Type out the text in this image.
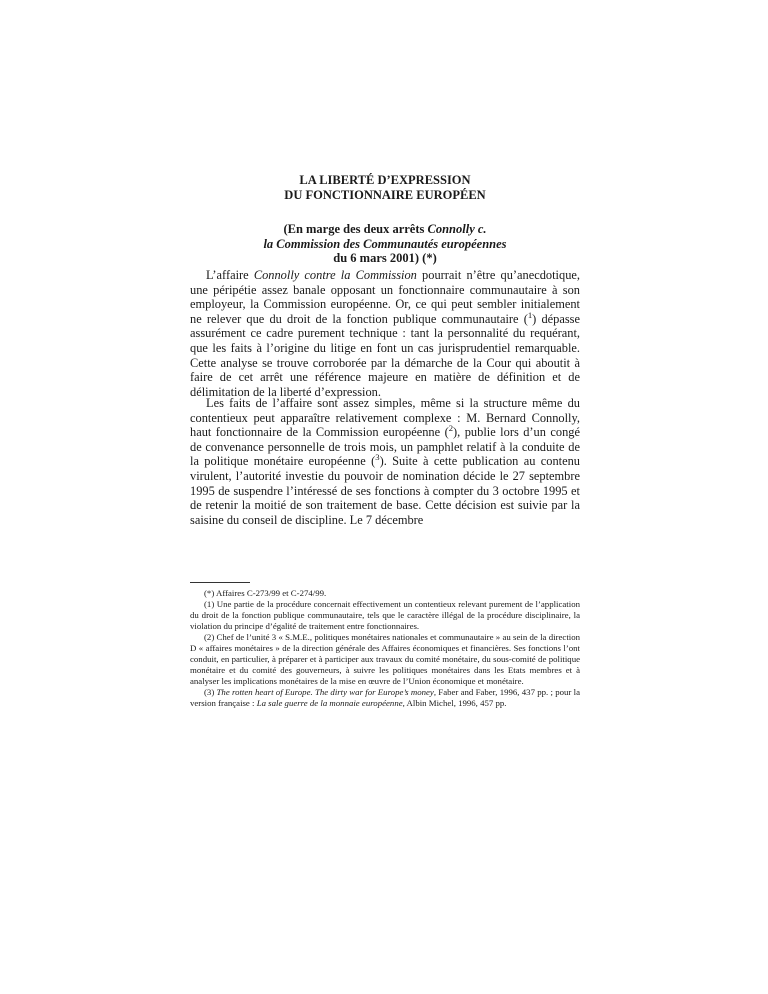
LA LIBERTÉ D’EXPRESSION
DU FONCTIONNAIRE EUROPÉEN
(En marge des deux arrêts Connolly c.
la Commission des Communautés européennes
du 6 mars 2001) (*)

L’affaire Connolly contre la Commission pourrait n’être qu’anecdotique, une péripétie assez banale opposant un fonctionnaire communautaire à son employeur, la Commission européenne. Or, ce qui peut sembler initialement ne relever que du droit de la fonction publique communautaire ($^1$) dépasse assurément ce cadre purement technique : tant la personnalité du requérant, que les faits à l’origine du litige en font un cas jurisprudentiel remarquable. Cette analyse se trouve corroborée par la démarche de la Cour qui aboutit à faire de cet arrêt une référence majeure en matière de définition et de délimitation de la liberté d’expression.

Les faits de l’affaire sont assez simples, même si la structure même du contentieux peut apparaître relativement complexe : M. Bernard Connolly, haut fonctionnaire de la Commission européenne ($^2$), publie lors d’un congé de convenance personnelle de trois mois, un pamphlet relatif à la conduite de la politique monétaire européenne ($^3$). Suite à cette publication au contenu virulent, l’autorité investie du pouvoir de nomination décide le 27 septembre 1995 de suspendre l’intéressé de ses fonctions à compter du 3 octobre 1995 et de retenir la moitié de son traitement de base. Cette décision est suivie par la saisine du conseil de discipline. Le 7 décembre

(*) Affaires C-273/99 et C-274/99.

(1) Une partie de la procédure concernait effectivement un contentieux relevant purement de l’application du droit de la fonction publique communautaire, tels que le caractère illégal de la procédure disciplinaire, la violation du principe d’égalité de traitement entre fonctionnaires.

(2) Chef de l’unité 3 « S.M.E., politiques monétaires nationales et communautaire » au sein de la direction D « affaires monétaires » de la direction générale des Affaires économiques et financières. Ses fonctions l’ont conduit, en particulier, à préparer et à participer aux travaux du comité monétaire, du sous-comité de politique monétaire et du comité des gouverneurs, à suivre les politiques monétaires dans les Etats membres et à analyser les implications monétaires de la mise en œuvre de l’Union économique et monétaire.

(3) The rotten heart of Europe. The dirty war for Europe’s money, Faber and Faber, 1996, 437 pp. ; pour la version française : La sale guerre de la monnaie européenne, Albin Michel, 1996, 457 pp.
